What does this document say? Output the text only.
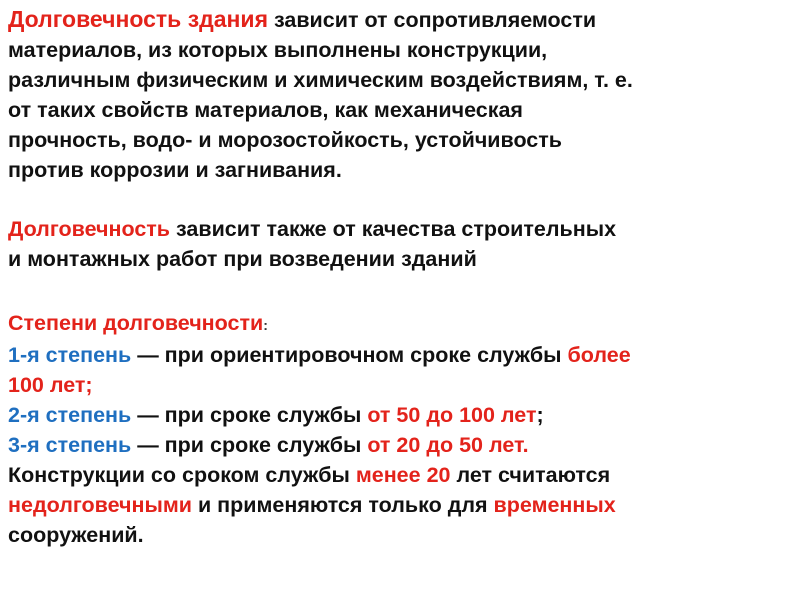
Долговечность здания зависит от сопротивляемости

материалов, из которых выполнены конструкции,

различным физическим и химическим воздействиям, т. е.

от таких свойств материалов, как механическая

прочность, водо- и морозостойкость, устойчивость

против коррозии и загнивания.

Долговечность зависит также от качества строительных

и монтажных работ при возведении зданий

Степени долговечности:

1-я степень — при ориентировочном сроке службы более

100 лет;

2-я степень — при сроке службы от 50 до 100 лет;

3-я степень — при сроке службы от 20 до 50 лет.

Конструкции со сроком службы менее 20 лет считаются

недолговечными и применяются только для временных

сооружений.
